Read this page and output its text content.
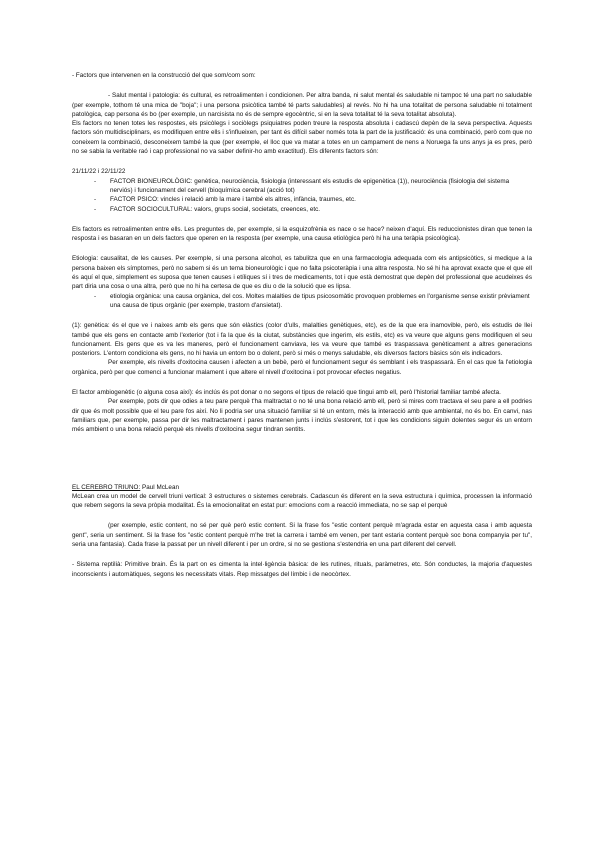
- Factors que intervenen en la construcció del que som/com som:

- Salut mental i patologia: és cultural, es retroalimenten i condicionen. Per altra banda, ni salut mental és saludable ni tampoc té una part no saludable (per exemple, tothom té una mica de "boja"; i una persona psicòtica també té parts saludables) al revés. No hi ha una totalitat de persona saludable ni totalment patològica, cap persona és bo (per exemple, un narcisista no és de sempre egocèntric, si en la seva totalitat té la seva totalitat absoluta).

Els factors no tenen totes les respostes, els psicòlegs i sociòlegs psiquiatres poden treure la resposta absoluta i cadascú depèn de la seva perspectiva. Aquests factors són multidisciplinars, es modifiquen entre ells i s'influeixen, per tant és difícil saber només tota la part de la justificació: és una combinació, però com que no coneixem la combinació, desconeixem també la que (per exemple, el lloc que va matar a totes en un campament de nens a Noruega fa uns anys ja es pres, però no se sabia la veritable raó i cap professional no va saber definir-ho amb exactitud). Els diferents factors són:

21/11/22 i 22/11/22

- FACTOR BIONEUROLÒGIC: genètica, neurociència, fisiologia (interessant els estudis de epigenètica (1)), neurociència (fisiologia del sistema nerviós) i funcionament del cervell (bioquímica cerebral (acció tot)
- FACTOR PSICO: vincles i relació amb la mare i també els altres, infància, traumes, etc.
- FACTOR SOCIOCULTURAL: valors, grups social, societats, creences, etc.

Els factors es retroalimenten entre ells. Les preguntes de, per exemple, si la esquizofrènia es nace o se hace? neixen d'aquí. Els reduccionistes diran que tenen la resposta i es basaran en un dels factors que operen en la resposta (per exemple, una causa etiològica però hi ha una teràpia psicològica).

Etiologia: causalitat, de les causes. Per exemple, si una persona alcohol, es tabulitza que en una farmacologia adequada com els antipsicòtics, si medique a la persona baixen els símptomes, però no sabem si és un tema bioneurològic i que no falta psicoteràpia i una altra resposta. No sé hi ha aprovat exacte que el que ell és aquí el que, simplement es suposa que tenen causes i etíliques sí i tres de medicaments, tot i que està demostrat que depèn del professional que acudeixes és part diria una cosa o una altra, però que no hi ha certesa de que es diu o de la solució que es lipsa.

- etiologia orgànica: una causa orgànica, del cos. Moltes malalties de tipus psicosomàtic provoquen problemes en l'organisme sense existir prèviament una causa de tipus orgànic (per exemple, trastorn d'ansietat).

(1): genètica: és el que ve i naixes amb els gens que són elàstics (color d'ulls, malalties genètiques, etc), es de la que era inamovible, però, els estudis de llei també que els gens en contacte amb l'exterior (tot i fa la que és la ciutat, substàncies que ingerim, els estils, etc) es va veure que alguns gens modifiquen el seu funcionament. Els gens que es va les maneres, però el funcionament canviava, les va veure que també es traspassava genèticament a altres generacions posteriors. L'entorn condiciona els gens, no hi havia un entorn bo o dolent, però si més o menys saludable, els diversos factors bàsics són els indicadors.

Per exemple, els nivells d'oxitocina causen i afecten a un bebè, però el funcionament segur és semblant i els traspassarà. En el cas que fa l'etiologia orgànica, però per que comenci a funcionar malament i que altere el nivell d'oxitocina i pot provocar efectes negatius.

El factor ambiogenètic (o alguna cosa així): és inclús és pot donar o no segons el tipus de relació que tingui amb ell, però l'historial familiar també afecta.

Per exemple, pots dir que odies a teu pare perquè t'ha maltractat o no té una bona relació amb ell, però si mires com tractava el seu pare a ell podries dir que és molt possible que el teu pare fos així. No li podria ser una situació familiar si té un entorn, més la interacció amb que ambiental, no és bo. En canvi, nas familiars que, per exemple, passa per dir les maltractament i pares mantenen junts i inclús s'estorent, tot i que les condicions siguin dolentes segur és un entorn més ambient o una bona relació perquè els nivells d'oxitocina segur tindran sentits.

EL CEREBRO TRIUNO: Paul McLean

McLean crea un model de cervell triuni vertical: 3 estructures o sistemes cerebrals. Cadascun és diferent en la seva estructura i química, processen la informació que rebem segons la seva pròpia modalitat. És la emocionalitat en estat pur: emocions com a reacció immediata, no se sap el perquè

(per exemple, estic content, no sé per què però estic content. Si la frase fos "estic content perquè m'agrada estar en aquesta casa i amb aquesta gent", seria un sentiment. Si la frase fos "estic content perquè m'he tret la carrera i també em venen, per tant estaria content perquè soc bona companyia per tu", seria una fantasia). Cada frase la passat per un nivell diferent i per un ordre, si no se gestiona s'estendria en una part diferent del cervell.

- Sistema reptilià: Primitive brain. És la part on es cimenta la intel·ligència bàsica: de les rutines, rituals, paràmetres, etc. Són conductes, la majoria d'aquestes inconscients i automàtiques, segons les necessitats vitals. Rep missatges del límbic i de neocòrtex.
